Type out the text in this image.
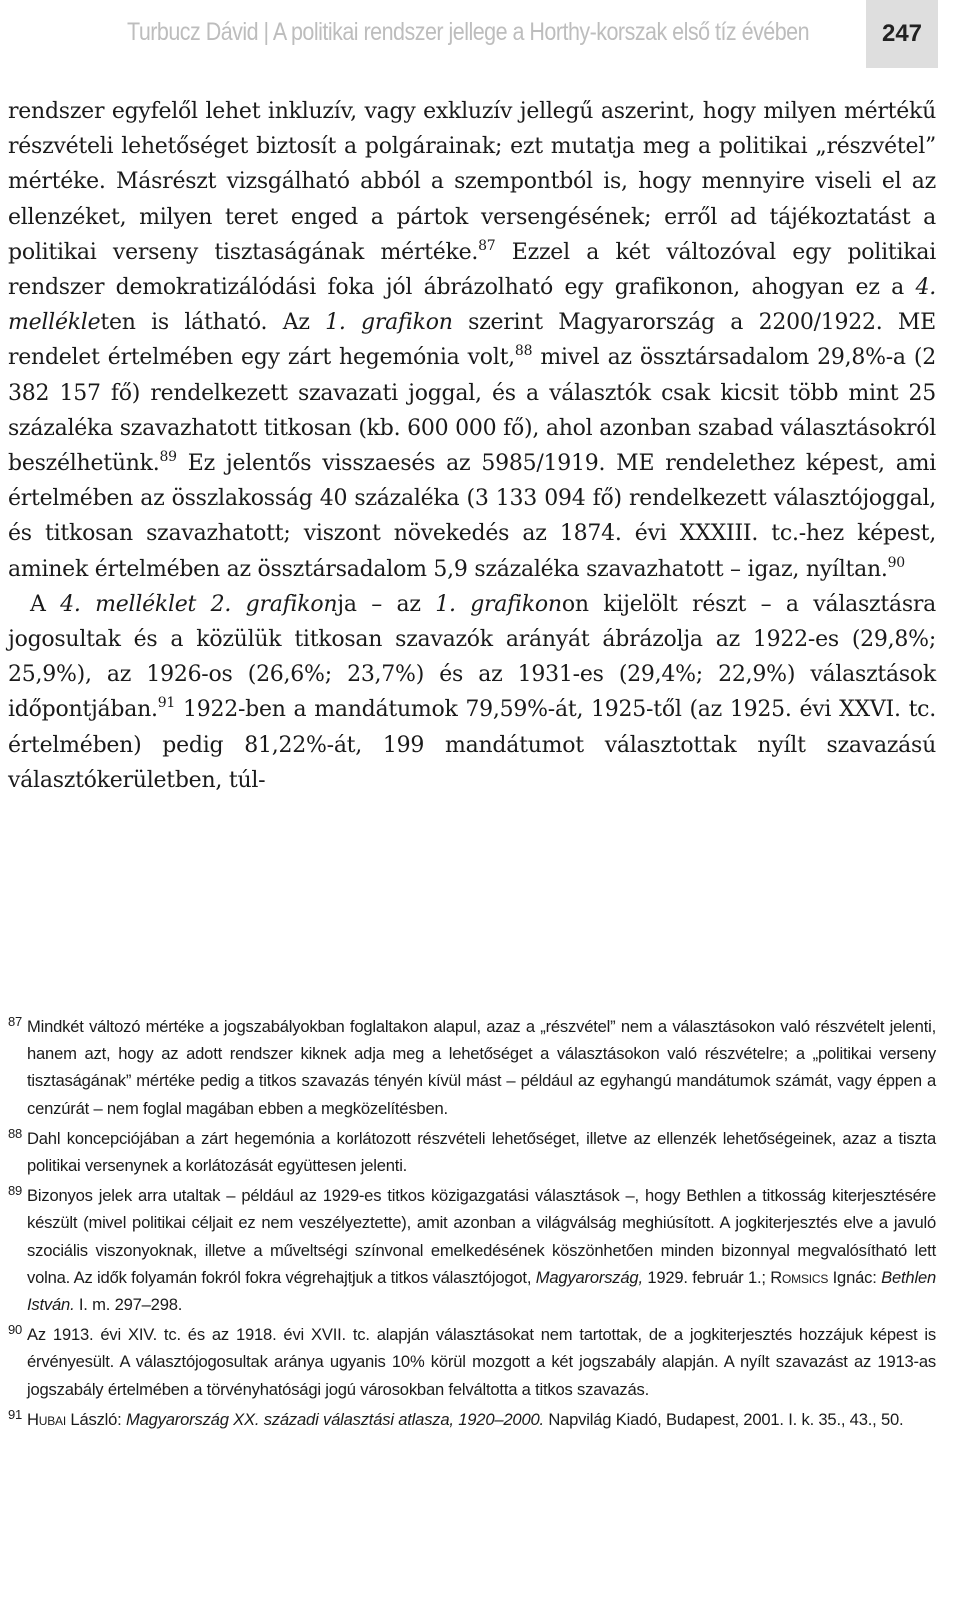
Turbucz Dávid | A politikai rendszer jellege a Horthy-korszak első tíz évében	247

rendszer egyfelől lehet inkluzív, vagy exkluzív jellegű aszerint, hogy milyen mértékű részvételi lehetőséget biztosít a polgárainak; ezt mutatja meg a politikai „részvétel” mértéke. Másrészt vizsgálható abból a szempontból is, hogy mennyire viseli el az ellenzéket, milyen teret enged a pártok versengésének; erről ad tájékoztatást a politikai verseny tisztaságának mértéke.$^{87}$ Ezzel a két változóval egy politikai rendszer demokratizálódási foka jól ábrázolható egy grafikonon, ahogyan ez a 4. mellékleten is látható. Az 1. grafikon szerint Magyarország a 2200/1922. ME rendelet értelmében egy zárt hegemónia volt,$^{88}$ mivel az össztársadalom 29,8%-a (2 382 157 fő) rendelkezett szavazati joggal, és a választók csak kicsit több mint 25 százaléka szavazhatott titkosan (kb. 600 000 fő), ahol azonban szabad választásokról beszélhetünk.$^{89}$ Ez jelentős visszaesés az 5985/1919. ME rendelethez képest, ami értelmében az összlakosság 40 százaléka (3 133 094 fő) rendelkezett választójoggal, és titkosan szavazhatott; viszont növekedés az 1874. évi XXXIII. tc.-hez képest, aminek értelmében az össztársadalom 5,9 százaléka szavazhatott – igaz, nyíltan.$^{90}$

A 4. melléklet 2. grafikonja – az 1. grafikonon kijelölt részt – a választásra jogosultak és a közülük titkosan szavazók arányát ábrázolja az 1922-es (29,8%; 25,9%), az 1926-os (26,6%; 23,7%) és az 1931-es (29,4%; 22,9%) választások időpontjában.$^{91}$ 1922-ben a mandátumok 79,59%-át, 1925-től (az 1925. évi XXVI. tc. értelmében) pedig 81,22%-át, 199 mandátumot választottak nyílt szavazású választókerületben, túl-

87 Mindkét változó mértéke a jogszabályokban foglaltakon alapul, azaz a „részvétel” nem a választásokon való részvételt jelenti, hanem azt, hogy az adott rendszer kiknek adja meg a lehetőséget a választásokon való részvételre; a „politikai verseny tisztaságának” mértéke pedig a titkos szavazás tényén kívül mást – például az egyhangú mandátumok számát, vagy éppen a cenzúrát – nem foglal magában ebben a megközelítésben.
88 Dahl koncepciójában a zárt hegemónia a korlátozott részvételi lehetőséget, illetve az ellenzék lehetőségeinek, azaz a tiszta politikai versenynek a korlátozását együttesen jelenti.
89 Bizonyos jelek arra utaltak – például az 1929-es titkos közigazgatási választások –, hogy Bethlen a titkosság kiterjesztésére készült (mivel politikai céljait ez nem veszélyeztette), amit azonban a világválság meghiúsított. A jogkiterjesztés elve a javuló szociális viszonyoknak, illetve a műveltségi színvonal emelkedésének köszönhetően minden bizonnyal megvalósítható lett volna. Az idők folyamán fokról fokra végrehajtjuk a titkos választójogot, Magyarország, 1929. február 1.; Romsics Ignác: Bethlen István. I. m. 297–298.
90 Az 1913. évi XIV. tc. és az 1918. évi XVII. tc. alapján választásokat nem tartottak, de a jogkiterjesztés hozzájuk képest is érvényesült. A választójogosultak aránya ugyanis 10% körül mozgott a két jogszabály alapján. A nyílt szavazást az 1913-as jogszabály értelmében a törvényhatósági jogú városokban felváltotta a titkos szavazás.
91 Hubai László: Magyarország XX. századi választási atlasza, 1920–2000. Napvilág Kiadó, Budapest, 2001. I. k. 35., 43., 50.
